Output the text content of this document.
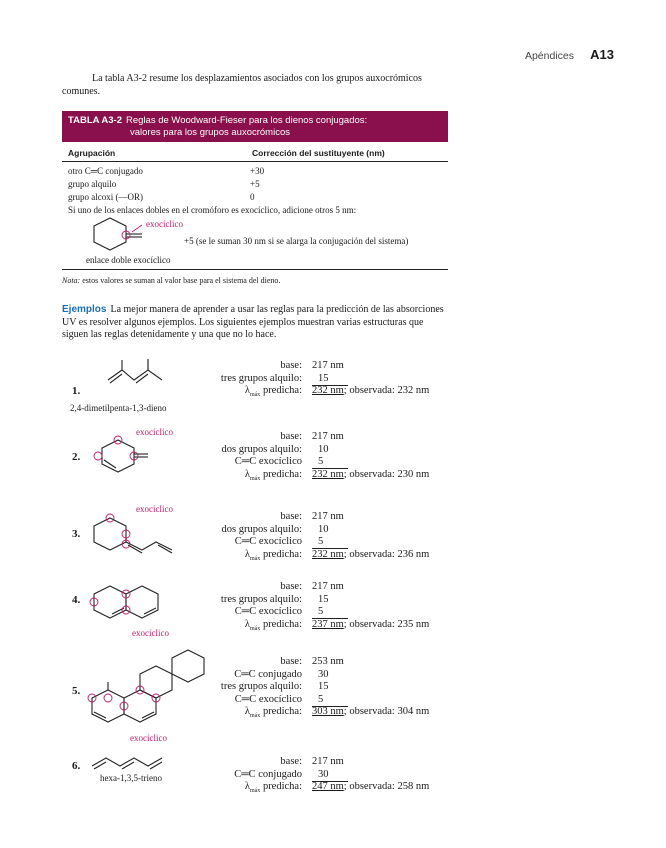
Apéndices A13
La tabla A3-2 resume los desplazamientos asociados con los grupos auxocrómicos comunes.
TABLA A3-2 Reglas de Woodward-Fieser para los dienos conjugados:
valores para los grupos auxocrómicos
Agrupación	Corrección del sustituyente (nm)
otro C═C conjugado	+30
grupo alquilo	+5
grupo alcoxi (—OR)	0
Si uno de los enlaces dobles en el cromóforo es exocíclico, adicione otros 5 nm:
exocíclico
+5 (se le suman 30 nm si se alarga la conjugación del sistema)
enlace doble exocíclico
Nota: estos valores se suman al valor base para el sistema del dieno.
Ejemplos La mejor manera de aprender a usar las reglas para la predicción de las absorciones UV es resolver algunos ejemplos. Los siguientes ejemplos muestran varias estructuras que siguen las reglas detenidamente y una que no lo hace.
2,4-dimetilpenta-1,3-dieno
hexa-1,3,5-trieno
exocíclico
exocíclico
exocíclico
exocíclico
1.
base: 217 nm
tres grupos alquilo: 15
$\lambda_{máx}$ predicha: 232 nm; observada: 232 nm
2.
base: 217 nm
dos grupos alquilo: 10
C═C exocíclico 5
$\lambda_{máx}$ predicha: 232 nm; observada: 230 nm
3.
base: 217 nm
dos grupos alquilo: 10
C═C exocíclico 5
$\lambda_{máx}$ predicha: 232 nm; observada: 236 nm
4.
base: 217 nm
tres grupos alquilo: 15
C═C exocíclico 5
$\lambda_{máx}$ predicha: 237 nm; observada: 235 nm
5.
base: 253 nm
C═C conjugado 30
tres grupos alquilo: 15
C═C exocíclico 5
$\lambda_{máx}$ predicha: 303 nm; observada: 304 nm
6.	base: 217 nm
C═C conjugado 30
$\lambda_{máx}$ predicha: 247 nm; observada: 258 nm
